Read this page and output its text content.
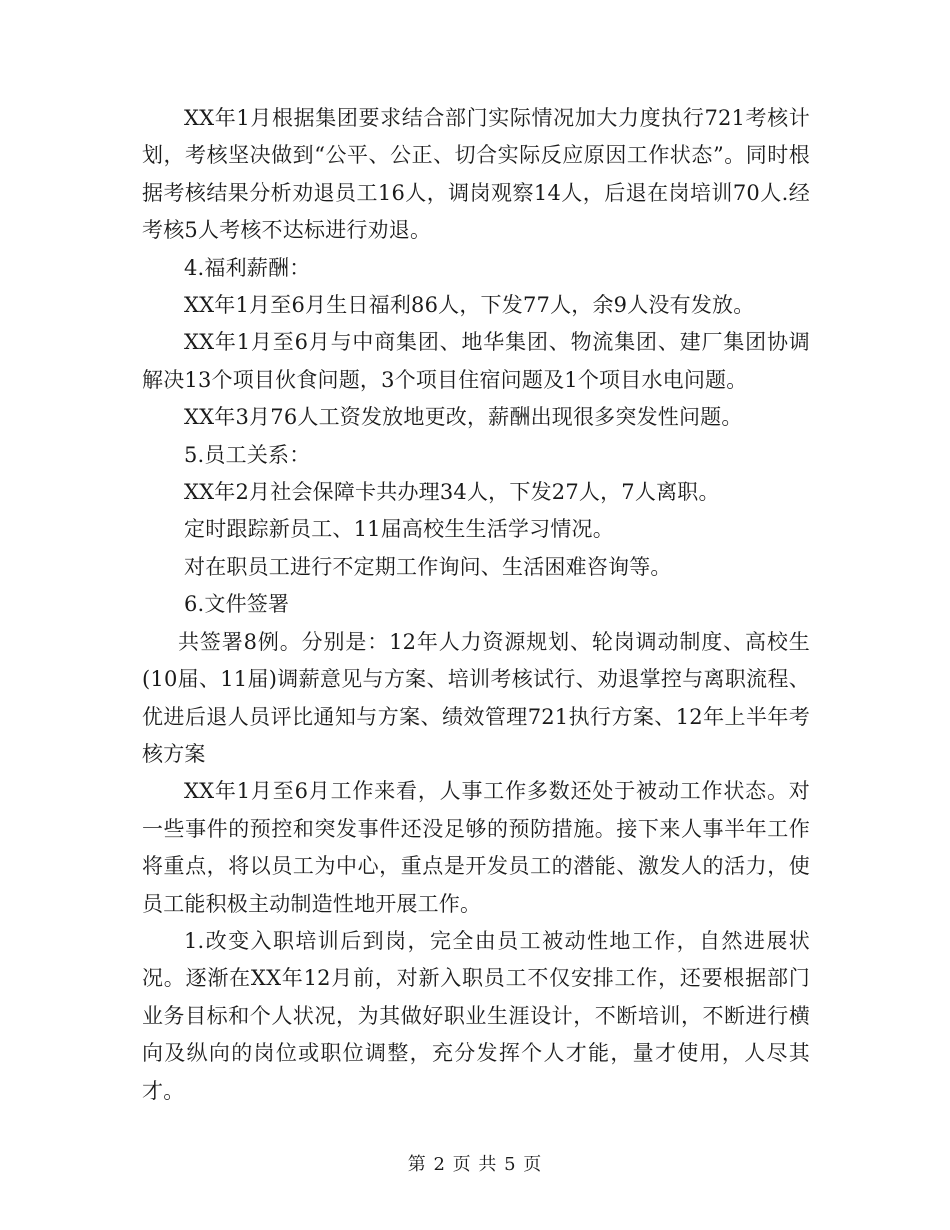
XX年1月根据集团要求结合部门实际情况加大力度执行721考核计划，考核坚决做到“公平、公正、切合实际反应原因工作状态”。同时根据考核结果分析劝退员工16人，调岗观察14人，后退在岗培训70人.经考核5人考核不达标进行劝退。

4.福利薪酬：

XX年1月至6月生日福利86人，下发77人，余9人没有发放。

XX年1月至6月与中商集团、地华集团、物流集团、建厂集团协调解决13个项目伙食问题，3个项目住宿问题及1个项目水电问题。

XX年3月76人工资发放地更改，薪酬出现很多突发性问题。

5.员工关系：

XX年2月社会保障卡共办理34人，下发27人，7人离职。

定时跟踪新员工、11届高校生生活学习情况。

对在职员工进行不定期工作询问、生活困难咨询等。

6.文件签署

共签署8例。分别是：12年人力资源规划、轮岗调动制度、高校生(10届、11届)调薪意见与方案、培训考核试行、劝退掌控与离职流程、优进后退人员评比通知与方案、绩效管理721执行方案、12年上半年考核方案

XX年1月至6月工作来看，人事工作多数还处于被动工作状态。对一些事件的预控和突发事件还没足够的预防措施。接下来人事半年工作将重点，将以员工为中心，重点是开发员工的潜能、激发人的活力，使员工能积极主动制造性地开展工作。

1.改变入职培训后到岗，完全由员工被动性地工作，自然进展状况。逐渐在XX年12月前，对新入职员工不仅安排工作，还要根据部门业务目标和个人状况，为其做好职业生涯设计，不断培训，不断进行横向及纵向的岗位或职位调整，充分发挥个人才能，量才使用，人尽其才。

第 2 页 共 5 页
